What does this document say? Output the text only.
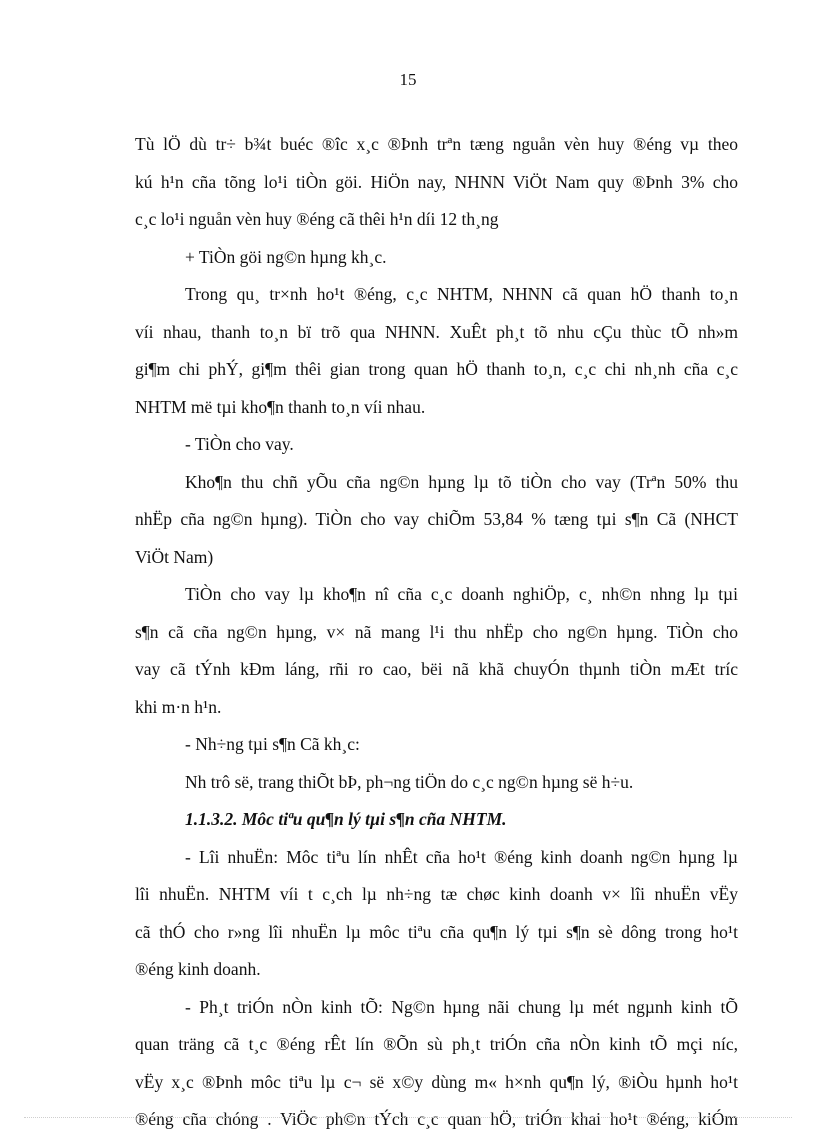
15
Tù lÖ dù tr÷ b¾t buéc ®îc x¸c ®Þnh trªn tæng nguån vèn huy ®éng vµ theo
kú h¹n cña tõng lo¹i tiÒn göi. HiÖn nay, NHNN ViÖt Nam quy ®Þnh 3% cho
c¸c lo¹i nguån vèn huy ®éng cã thêi h¹n díi 12 th¸ng
+ TiÒn göi ng©n hµng kh¸c.
Trong qu¸ tr×nh ho¹t ®éng, c¸c NHTM, NHNN cã quan hÖ thanh to¸n
víi nhau, thanh to¸n bï trõ qua NHNN. XuÊt ph¸t tõ nhu cÇu thùc tÕ nh»m
gi¶m chi phÝ, gi¶m thêi gian trong quan hÖ thanh to¸n, c¸c chi nh¸nh cña c¸c
NHTM më tµi kho¶n thanh to¸n víi nhau.
- TiÒn cho vay.
Kho¶n thu chñ yÕu cña ng©n hµng lµ tõ tiÒn cho vay (Trªn 50% thu
nhËp cña ng©n hµng). TiÒn cho vay chiÕm 53,84 % tæng tµi s¶n Cã (NHCT
ViÖt Nam)
TiÒn cho vay lµ kho¶n nî cña c¸c doanh nghiÖp, c¸ nh©n nhng lµ tµi
s¶n cã cña ng©n hµng, v× nã mang l¹i thu nhËp cho ng©n hµng. TiÒn cho
vay cã tÝnh kÐm láng, rñi ro cao, bëi nã khã chuyÓn thµnh tiÒn mÆt tríc
khi m·n h¹n.
- Nh÷ng tµi s¶n Cã kh¸c:
Nh trô së, trang thiÕt bÞ, ph¬ng tiÖn do c¸c ng©n hµng së h÷u.
1.1.3.2. Môc tiªu qu¶n lý tµi s¶n cña NHTM.
- Lîi nhuËn: Môc tiªu lín nhÊt cña ho¹t ®éng kinh doanh ng©n hµng lµ
lîi nhuËn. NHTM víi t c¸ch lµ nh÷ng tæ chøc kinh doanh v× lîi nhuËn vËy
cã thÓ cho r»ng lîi nhuËn lµ môc tiªu cña qu¶n lý tµi s¶n sè dông trong ho¹t
®éng kinh doanh.
- Ph¸t triÓn nÒn kinh tÕ: Ng©n hµng nãi chung lµ mét ngµnh kinh tÕ
quan träng cã t¸c ®éng rÊt lín ®Õn sù ph¸t triÓn cña nÒn kinh tÕ mçi níc,
vËy x¸c ®Þnh môc tiªu lµ c¬ së x©y dùng m« h×nh qu¶n lý, ®iÒu hµnh ho¹t
®éng cña chóng . ViÖc ph©n tÝch c¸c quan hÖ, triÓn khai ho¹t ®éng, kiÓm
